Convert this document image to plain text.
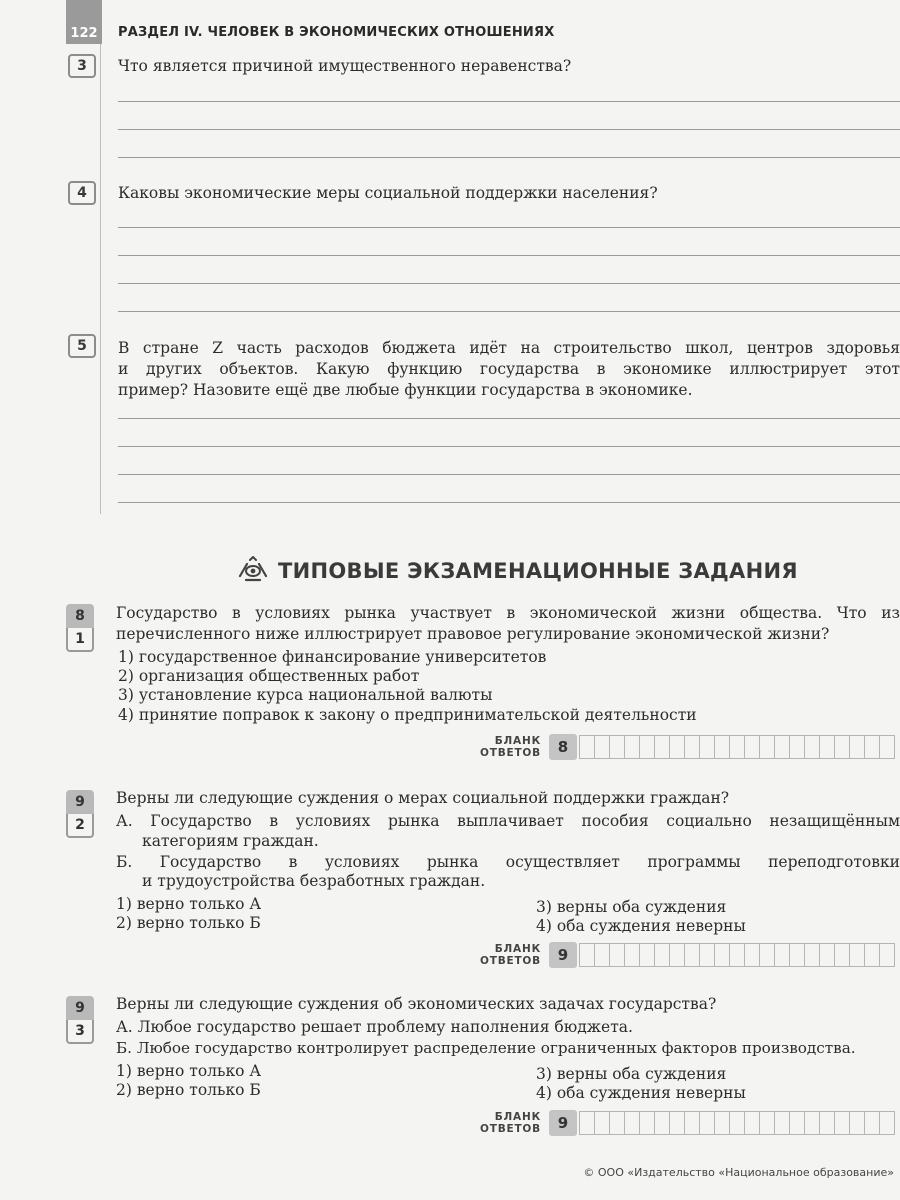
122	РАЗДЕЛ IV. ЧЕЛОВЕК В ЭКОНОМИЧЕСКИХ ОТНОШЕНИЯХ
3	Что является причиной имущественного неравенства?
4	Каковы экономические меры социальной поддержки населения?
5	В стране Z часть расходов бюджета идёт на строительство школ, центров здоровья
и других объектов. Какую функцию государства в экономике иллюстрирует этот
пример? Назовите ещё две любые функции государства в экономике.
ТИПОВЫЕ ЭКЗАМЕНАЦИОННЫЕ ЗАДАНИЯ
8
1
Государство в условиях рынка участвует в экономической жизни общества. Что из
перечисленного ниже иллюстрирует правовое регулирование экономической жизни?
1) государственное финансирование университетов
2) организация общественных работ
3) установление курса национальной валюты
4) принятие поправок к закону о предпринимательской деятельности
БЛАНК
ОТВЕТОВ	8
9
2
Верны ли следующие суждения о мерах социальной поддержки граждан?
А. Государство в условиях рынка выплачивает пособия социально незащищённым
категориям граждан.
Б. Государство в условиях рынка осуществляет программы переподготовки
и трудоустройства безработных граждан.
1) верно только А
2) верно только Б
3) верны оба суждения
4) оба суждения неверны
БЛАНК
ОТВЕТОВ	9
9
3
Верны ли следующие суждения об экономических задачах государства?
А. Любое государство решает проблему наполнения бюджета.
Б. Любое государство контролирует распределение ограниченных факторов производства.
1) верно только А
2) верно только Б
3) верны оба суждения
4) оба суждения неверны
БЛАНК
ОТВЕТОВ	9
© ООО «Издательство «Национальное образование»
